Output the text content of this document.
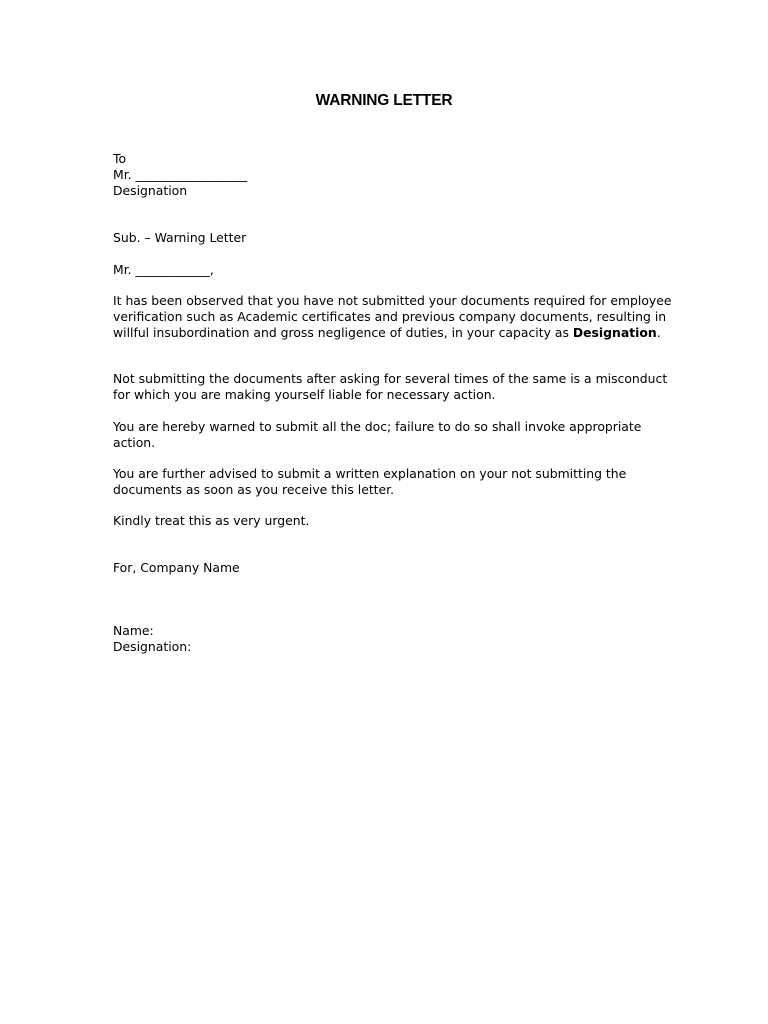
WARNING LETTER
To
Mr. __________________
Designation
Sub. – Warning Letter
Mr. ____________,
It has been observed that you have not submitted your documents required for employee verification such as Academic certificates and previous company documents, resulting in willful insubordination and gross negligence of duties, in your capacity as Designation.
Not submitting the documents after asking for several times of the same is a misconduct for which you are making yourself liable for necessary action.
You are hereby warned to submit all the doc; failure to do so shall invoke appropriate action.
You are further advised to submit a written explanation on your not submitting the documents as soon as you receive this letter.
Kindly treat this as very urgent.
For, Company Name
Name:
Designation:
